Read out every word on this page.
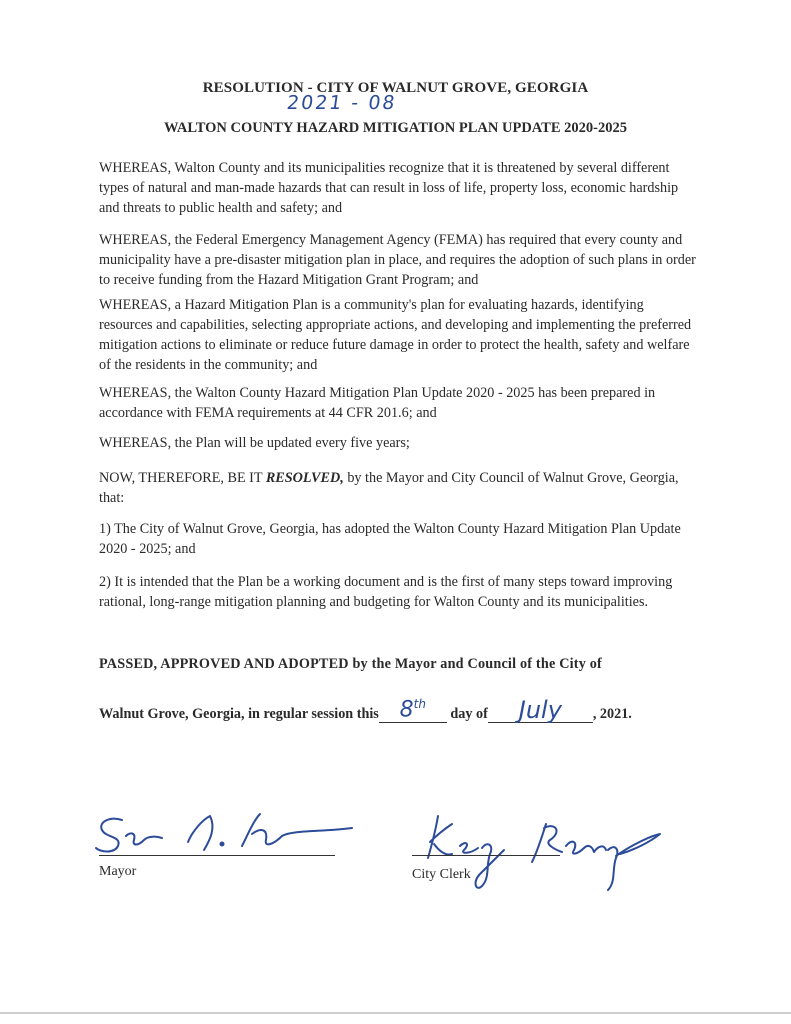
RESOLUTION - CITY OF WALNUT GROVE, GEORGIA
2021 - 08
WALTON COUNTY HAZARD MITIGATION PLAN UPDATE 2020-2025

WHEREAS, Walton County and its municipalities recognize that it is threatened by several different types of natural and man-made hazards that can result in loss of life, property loss, economic hardship and threats to public health and safety; and

WHEREAS, the Federal Emergency Management Agency (FEMA) has required that every county and municipality have a pre-disaster mitigation plan in place, and requires the adoption of such plans in order to receive funding from the Hazard Mitigation Grant Program; and

WHEREAS, a Hazard Mitigation Plan is a community's plan for evaluating hazards, identifying resources and capabilities, selecting appropriate actions, and developing and implementing the preferred mitigation actions to eliminate or reduce future damage in order to protect the health, safety and welfare of the residents in the community; and

WHEREAS, the Walton County Hazard Mitigation Plan Update 2020 - 2025 has been prepared in accordance with FEMA requirements at 44 CFR 201.6; and

WHEREAS, the Plan will be updated every five years;

NOW, THEREFORE, BE IT RESOLVED, by the Mayor and City Council of Walnut Grove, Georgia, that:

1) The City of Walnut Grove, Georgia, has adopted the Walton County Hazard Mitigation Plan Update 2020 - 2025; and

2) It is intended that the Plan be a working document and is the first of many steps toward improving rational, long-range mitigation planning and budgeting for Walton County and its municipalities.

PASSED, APPROVED AND ADOPTED by the Mayor and Council of the City of

Walnut Grove, Georgia, in regular session this 8th
day of	July	, 2021.
Mayor	City Clerk
